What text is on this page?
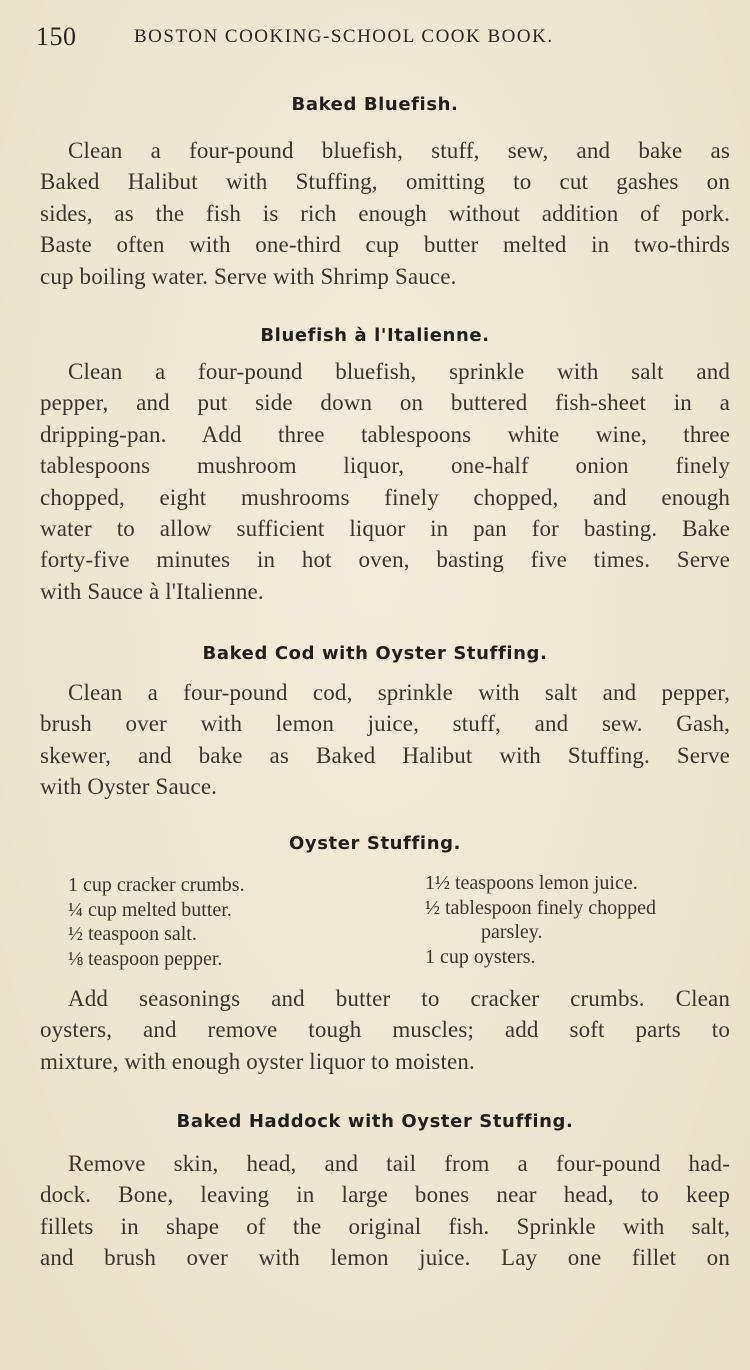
150	BOSTON COOKING-SCHOOL COOK BOOK.
Baked Bluefish.
Clean a four-pound bluefish, stuff, sew, and bake as
Baked Halibut with Stuffing, omitting to cut gashes on
sides, as the fish is rich enough without addition of pork.
Baste often with one-third cup butter melted in two-thirds
cup boiling water. Serve with Shrimp Sauce.
Bluefish à l'Italienne.
Clean a four-pound bluefish, sprinkle with salt and
pepper, and put side down on buttered fish-sheet in a
dripping-pan. Add three tablespoons white wine, three
tablespoons mushroom liquor, one-half onion finely
chopped, eight mushrooms finely chopped, and enough
water to allow sufficient liquor in pan for basting. Bake
forty-five minutes in hot oven, basting five times. Serve
with Sauce à l'Italienne.
Baked Cod with Oyster Stuffing.
Clean a four-pound cod, sprinkle with salt and pepper,
brush over with lemon juice, stuff, and sew. Gash,
skewer, and bake as Baked Halibut with Stuffing. Serve
with Oyster Sauce.
Oyster Stuffing.
1 cup cracker crumbs.
¼ cup melted butter.
½ teaspoon salt.
⅛ teaspoon pepper.
1½ teaspoons lemon juice.
½ tablespoon finely chopped
parsley.
1 cup oysters.
Add seasonings and butter to cracker crumbs. Clean
oysters, and remove tough muscles; add soft parts to
mixture, with enough oyster liquor to moisten.
Baked Haddock with Oyster Stuffing.
Remove skin, head, and tail from a four-pound had-
dock. Bone, leaving in large bones near head, to keep
fillets in shape of the original fish. Sprinkle with salt,
and brush over with lemon juice. Lay one fillet on
